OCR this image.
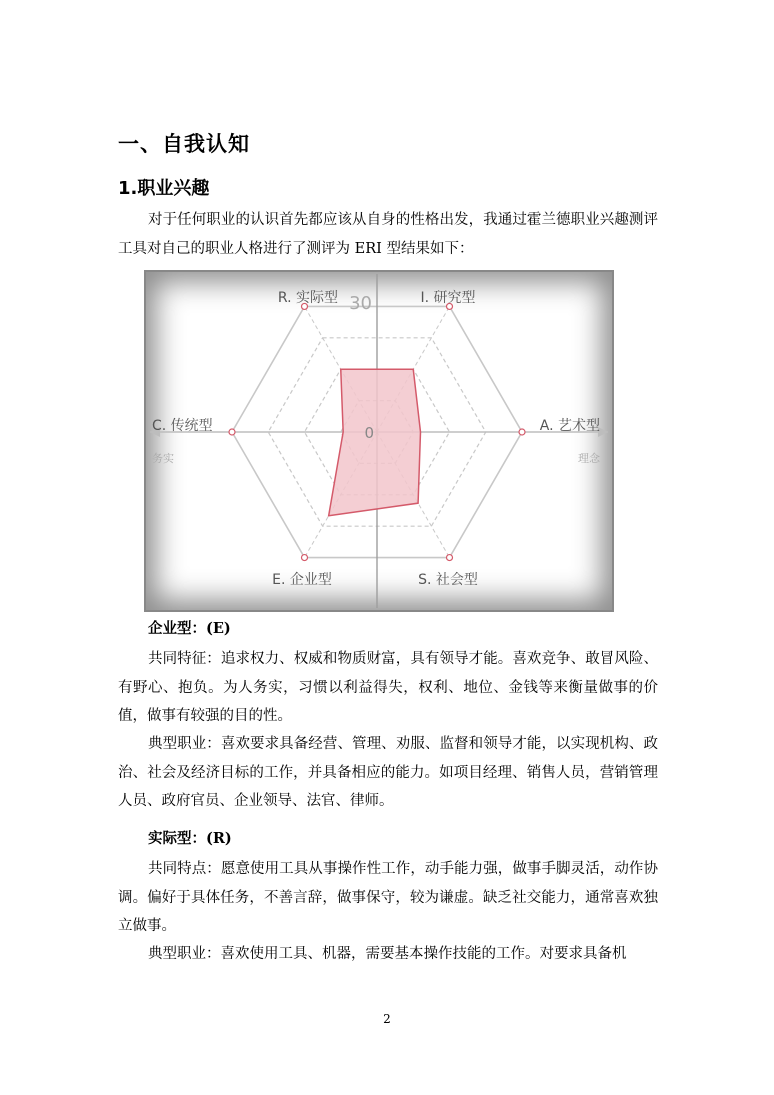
一、自我认知
1.职业兴趣

对于任何职业的认识首先都应该从自身的性格出发，我通过霍兰德职业兴趣测评工具对自己的职业人格进行了测评为 ERI 型结果如下：

30
0
R. 实际型	I. 研究型
A. 艺术型
S. 社会型
E. 企业型
C. 传统型
务实	理念
企业型：(E)

共同特征：追求权力、权威和物质财富，具有领导才能。喜欢竞争、敢冒风险、有野心、抱负。为人务实，习惯以利益得失，权利、地位、金钱等来衡量做事的价值，做事有较强的目的性。

典型职业：喜欢要求具备经营、管理、劝服、监督和领导才能，以实现机构、政治、社会及经济目标的工作，并具备相应的能力。如项目经理、销售人员，营销管理人员、政府官员、企业领导、法官、律师。

实际型：(R)

共同特点：愿意使用工具从事操作性工作，动手能力强，做事手脚灵活，动作协调。偏好于具体任务，不善言辞，做事保守，较为谦虚。缺乏社交能力，通常喜欢独立做事。

典型职业：喜欢使用工具、机器，需要基本操作技能的工作。对要求具备机

2
